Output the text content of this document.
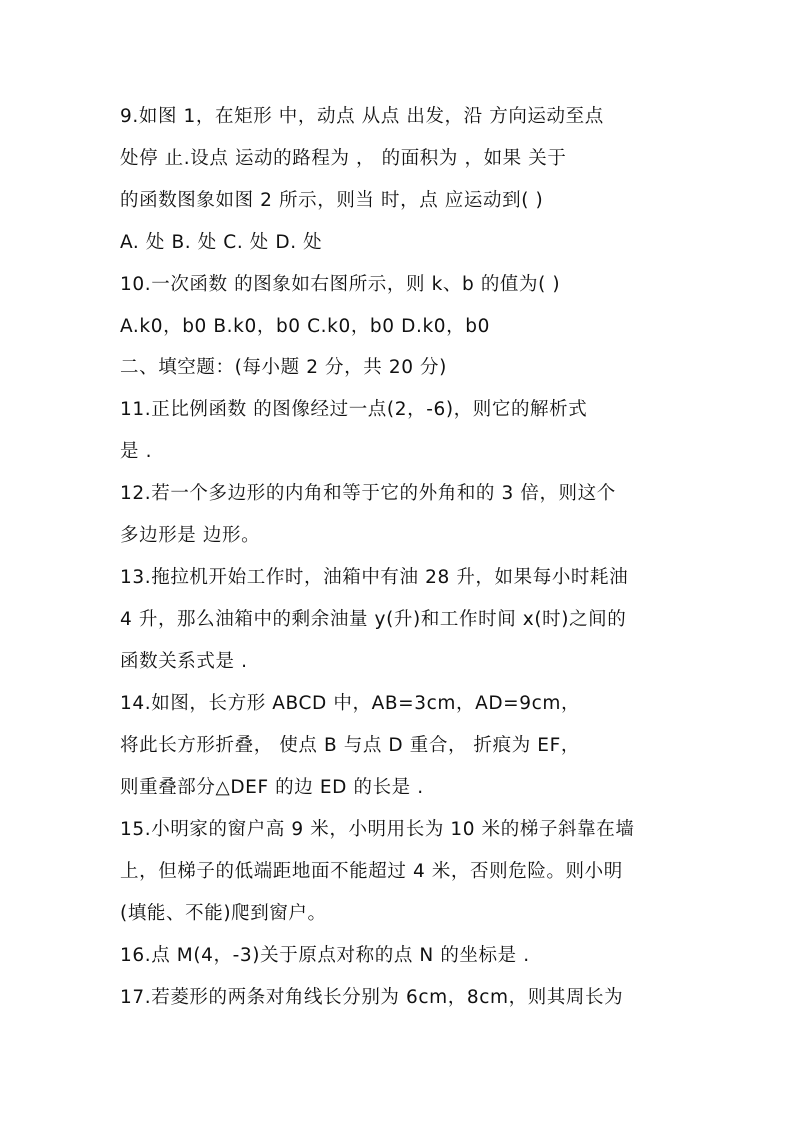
9.如图 1，在矩形 中，动点 从点 出发，沿 方向运动至点
处停 止.设点 运动的路程为 ， 的面积为 ，如果 关于
的函数图象如图 2 所示，则当 时，点 应运动到( )
A. 处 B. 处 C. 处 D. 处
10.一次函数 的图象如右图所示，则 k、b 的值为( )
A.k0，b0 B.k0，b0 C.k0，b0 D.k0，b0
二、填空题：(每小题 2 分，共 20 分)
11.正比例函数 的图像经过一点(2，-6)，则它的解析式
是 .
12.若一个多边形的内角和等于它的外角和的 3 倍，则这个
多边形是 边形。
13.拖拉机开始工作时，油箱中有油 28 升，如果每小时耗油
4 升，那么油箱中的剩余油量 y(升)和工作时间 x(时)之间的
函数关系式是 .
14.如图，长方形 ABCD 中，AB=3cm，AD=9cm，
将此长方形折叠， 使点 B 与点 D 重合， 折痕为 EF，
则重叠部分△DEF 的边 ED 的长是 .
15.小明家的窗户高 9 米，小明用长为 10 米的梯子斜靠在墙
上，但梯子的低端距地面不能超过 4 米，否则危险。则小明
(填能、不能)爬到窗户。
16.点 M(4，-3)关于原点对称的点 N 的坐标是 .
17.若菱形的两条对角线长分别为 6cm，8cm，则其周长为
